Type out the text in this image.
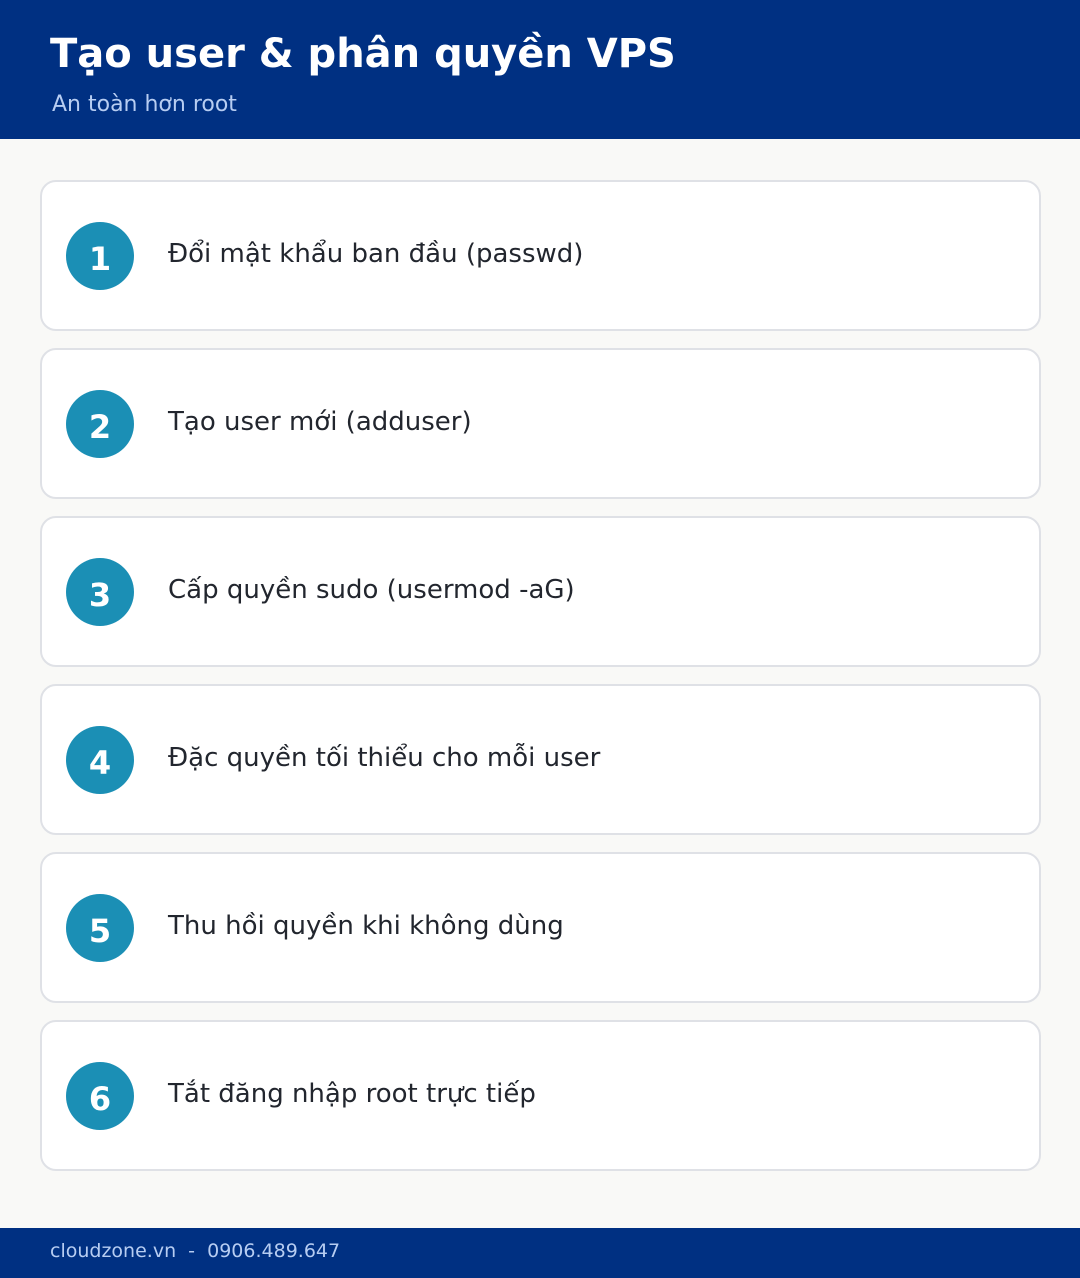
Tạo user & phân quyền VPS
An toàn hơn root
1	Đổi mật khẩu ban đầu (passwd)
2	Tạo user mới (adduser)
3	Cấp quyền sudo (usermod -aG)
4	Đặc quyền tối thiểu cho mỗi user
5	Thu hồi quyền khi không dùng
6	Tắt đăng nhập root trực tiếp
cloudzone.vn  -  0906.489.647
